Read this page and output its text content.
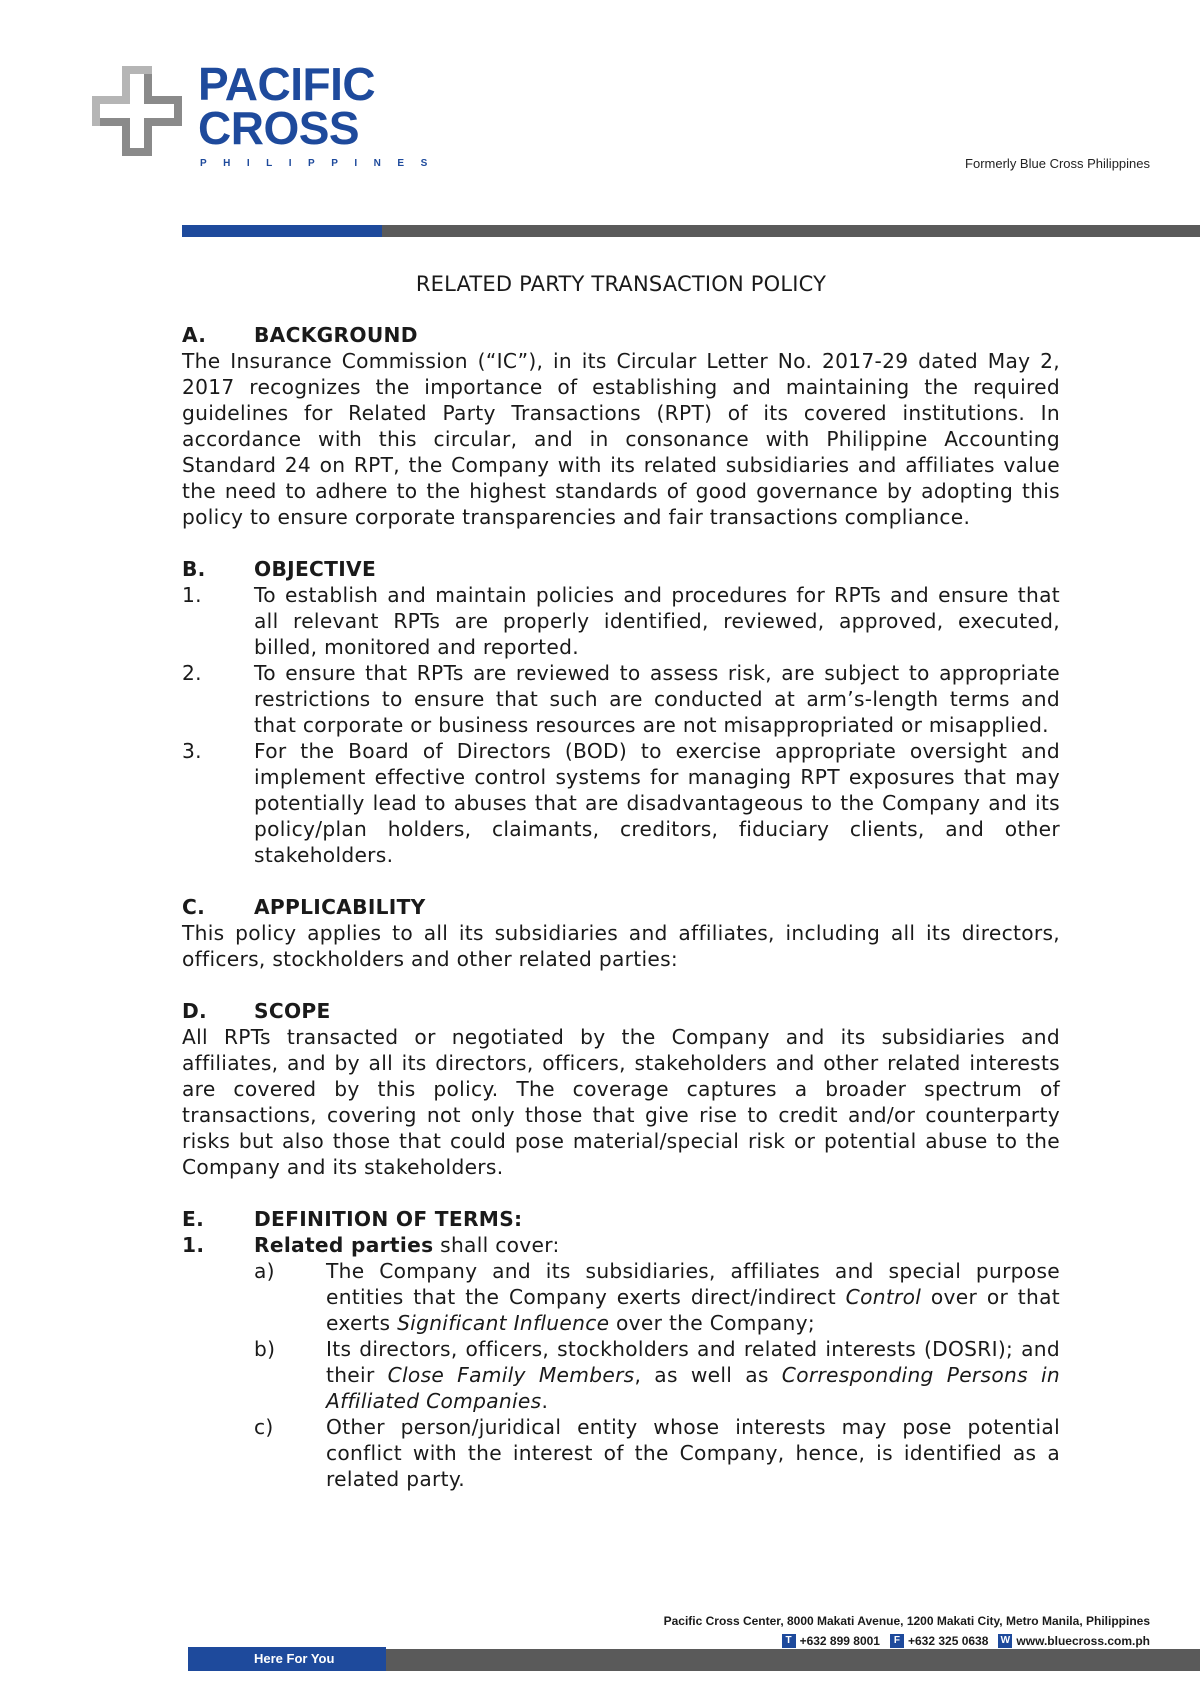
PACIFIC
CROSS
PHILIPPINES	Formerly Blue Cross Philippines
RELATED PARTY TRANSACTION POLICY
A.	BACKGROUND

The Insurance Commission (“IC”), in its Circular Letter No. 2017-29 dated May 2, 2017 recognizes the importance of establishing and maintaining the required guidelines for Related Party Transactions (RPT) of its covered institutions. In accordance with this circular, and in consonance with Philippine Accounting Standard 24 on RPT, the Company with its related subsidiaries and affiliates value the need to adhere to the highest standards of good governance by adopting this policy to ensure corporate transparencies and fair transactions compliance.

B.	OBJECTIVE
1.	To establish and maintain policies and procedures for RPTs and ensure that all relevant RPTs are properly identified, reviewed, approved, executed, billed, monitored and reported.
2.	To ensure that RPTs are reviewed to assess risk, are subject to appropriate restrictions to ensure that such are conducted at arm’s-length terms and that corporate or business resources are not misappropriated or misapplied.
3.	For the Board of Directors (BOD) to exercise appropriate oversight and implement effective control systems for managing RPT exposures that may potentially lead to abuses that are disadvantageous to the Company and its policy/plan holders, claimants, creditors, fiduciary clients, and other stakeholders.
C.	APPLICABILITY

This policy applies to all its subsidiaries and affiliates, including all its directors, officers, stockholders and other related parties:

D.	SCOPE

All RPTs transacted or negotiated by the Company and its subsidiaries and affiliates, and by all its directors, officers, stakeholders and other related interests are covered by this policy. The coverage captures a broader spectrum of transactions, covering not only those that give rise to credit and/or counterparty risks but also those that could pose material/special risk or potential abuse to the Company and its stakeholders.

E.	DEFINITION OF TERMS:
1.	Related parties shall cover:
a)	The Company and its subsidiaries, affiliates and special purpose entities that the Company exerts direct/indirect Control over or that exerts Significant Influence over the Company;
b)	Its directors, officers, stockholders and related interests (DOSRI); and their Close Family Members, as well as Corresponding Persons in Affiliated Companies.
c)	Other person/juridical entity whose interests may pose potential conflict with the interest of the Company, hence, is identified as a related party.
Pacific Cross Center, 8000 Makati Avenue, 1200 Makati City, Metro Manila, Philippines
T +632 899 8001	F +632 325 0638 W www.bluecross.com.ph
Here For You
